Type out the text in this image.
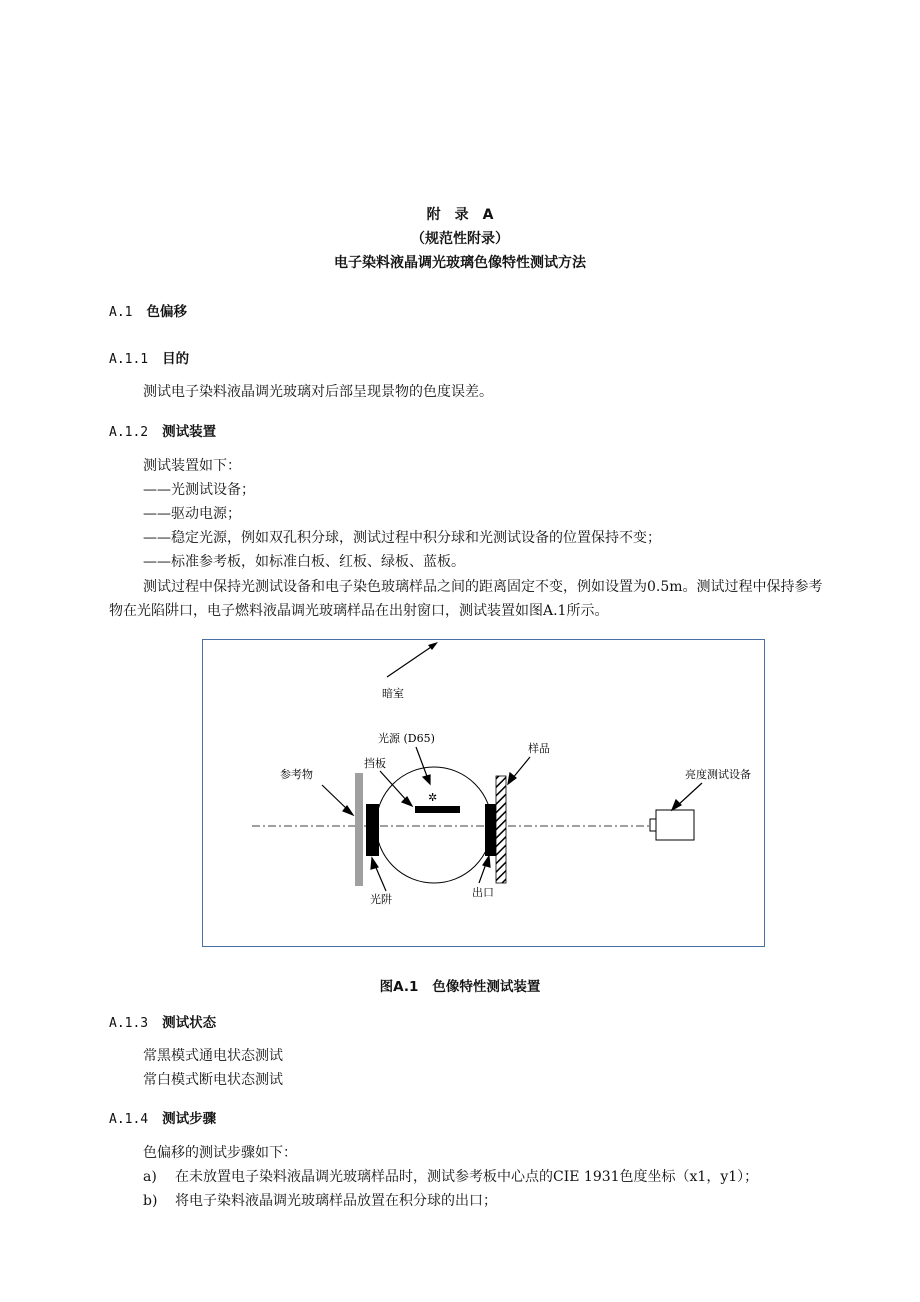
附　录　A
（规范性附录）
电子染料液晶调光玻璃色像特性测试方法
A.1 色偏移
A.1.1 目的
测试电子染料液晶调光玻璃对后部呈现景物的色度误差。
A.1.2 测试装置
测试装置如下：
——光测试设备；
——驱动电源；
——稳定光源，例如双孔积分球，测试过程中积分球和光测试设备的位置保持不变；
——标准参考板，如标准白板、红板、绿板、蓝板。
测试过程中保持光测试设备和电子染色玻璃样品之间的距离固定不变，例如设置为0.5m。测试过程中保持参考物在光陷阱口，电子燃料液晶调光玻璃样品在出射窗口，测试装置如图A.1所示。
暗室
光源 (D65)
挡板
样品
参考物	亮度测试设备
光阱
出口
✲
图A.1 色像特性测试装置
A.1.3 测试状态
常黑模式通电状态测试
常白模式断电状态测试
A.1.4 测试步骤
色偏移的测试步骤如下：
a) 在未放置电子染料液晶调光玻璃样品时，测试参考板中心点的CIE 1931色度坐标（x1，y1）；
b) 将电子染料液晶调光玻璃样品放置在积分球的出口；
